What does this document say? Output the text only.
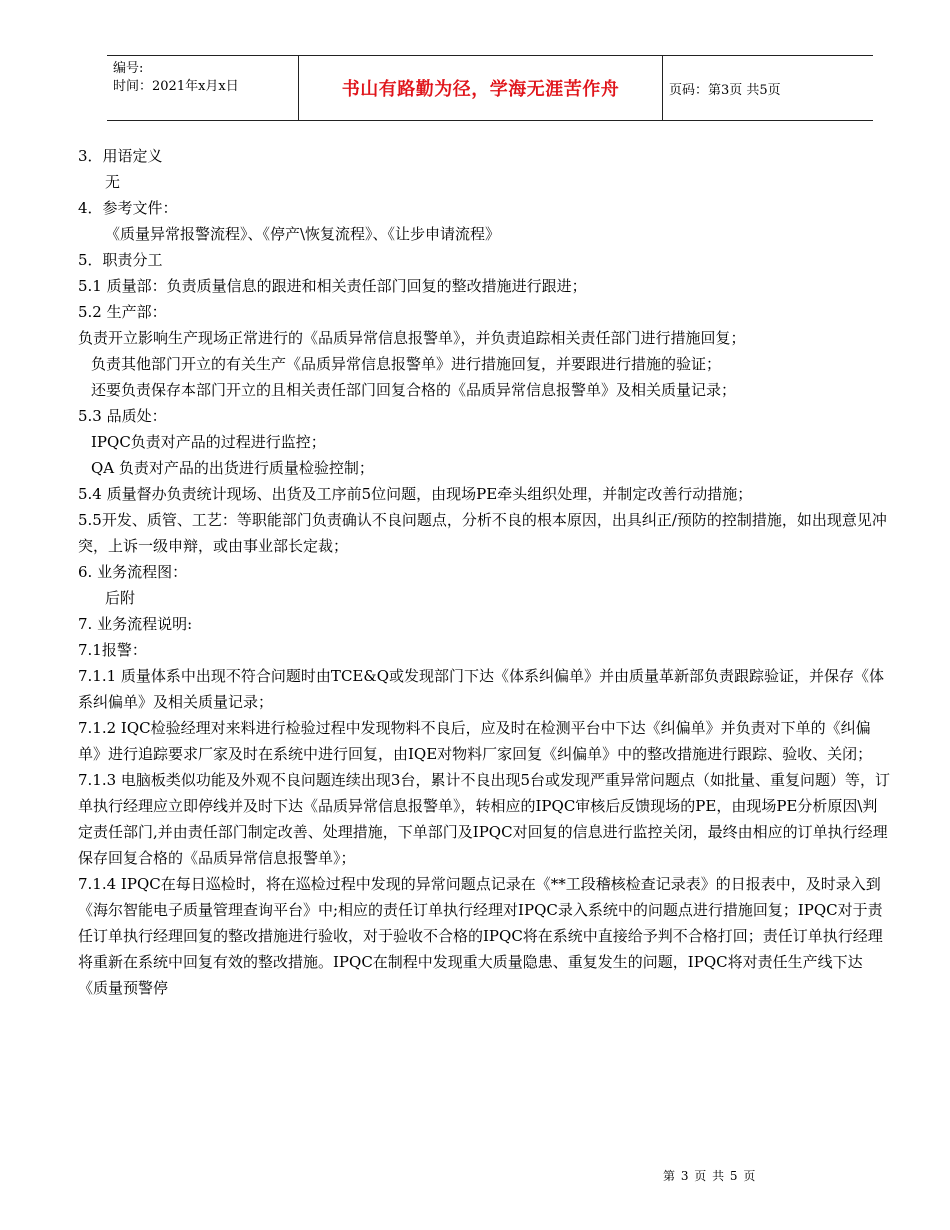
编号:
时间：2021年x月x日	书山有路勤为径，学海无涯苦作舟	页码：第3页 共5页

3．用语定义

无

4．参考文件：

《质量异常报警流程》、《停产\恢复流程》、《让步申请流程》

5．职责分工

5.1 质量部：负责质量信息的跟进和相关责任部门回复的整改措施进行跟进；

5.2 生产部：

负责开立影响生产现场正常进行的《品质异常信息报警单》，并负责追踪相关责任部门进行措施回复；

负责其他部门开立的有关生产《品质异常信息报警单》进行措施回复，并要跟进行措施的验证；

还要负责保存本部门开立的且相关责任部门回复合格的《品质异常信息报警单》及相关质量记录；

5.3 品质处：

IPQC负责对产品的过程进行监控；

QA 负责对产品的出货进行质量检验控制；

5.4 质量督办负责统计现场、出货及工序前5位问题，由现场PE牵头组织处理，并制定改善行动措施；

5.5开发、质管、工艺：等职能部门负责确认不良问题点，分析不良的根本原因，出具纠正/预防的控制措施，如出现意见冲突，上诉一级申辩，或由事业部长定裁；

6. 业务流程图：

后附

7. 业务流程说明:

7.1报警：

7.1.1 质量体系中出现不符合问题时由TCE&Q或发现部门下达《体系纠偏单》并由质量革新部负责跟踪验证，并保存《体系纠偏单》及相关质量记录；

7.1.2 IQC检验经理对来料进行检验过程中发现物料不良后，应及时在检测平台中下达《纠偏单》并负责对下单的《纠偏单》进行追踪要求厂家及时在系统中进行回复，由IQE对物料厂家回复《纠偏单》中的整改措施进行跟踪、验收、关闭；

7.1.3 电脑板类似功能及外观不良问题连续出现3台，累计不良出现5台或发现严重异常问题点（如批量、重复问题）等，订单执行经理应立即停线并及时下达《品质异常信息报警单》，转相应的IPQC审核后反馈现场的PE，由现场PE分析原因\判定责任部门,并由责任部门制定改善、处理措施，下单部门及IPQC对回复的信息进行监控关闭，最终由相应的订单执行经理保存回复合格的《品质异常信息报警单》；

7.1.4 IPQC在每日巡检时，将在巡检过程中发现的异常问题点记录在《**工段稽核检查记录表》的日报表中，及时录入到《海尔智能电子质量管理查询平台》中;相应的责任订单执行经理对IPQC录入系统中的问题点进行措施回复；IPQC对于责任订单执行经理回复的整改措施进行验收，对于验收不合格的IPQC将在系统中直接给予判不合格打回；责任订单执行经理将重新在系统中回复有效的整改措施。IPQC在制程中发现重大质量隐患、重复发生的问题，IPQC将对责任生产线下达《质量预警停

第 3 页 共 5 页
